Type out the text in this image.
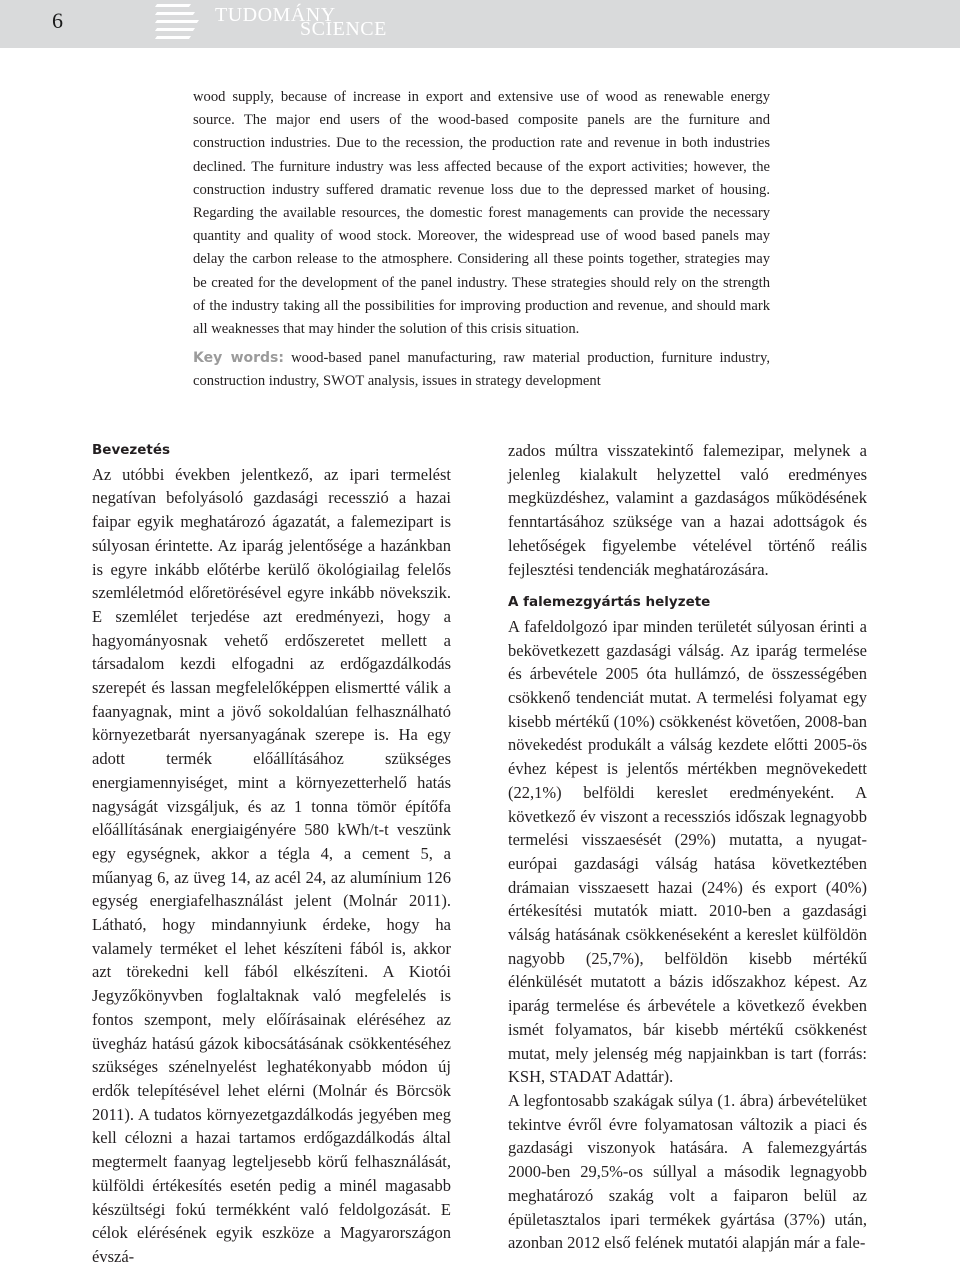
6	TUDOMÁNY
SCIENCE

wood supply, because of increase in export and extensive use of wood as renewable energy source. The major end users of the wood-based composite panels are the furniture and construction industries. Due to the recession, the production rate and revenue in both industries declined. The furniture industry was less affected because of the export activities; however, the construction industry suffered dramatic revenue loss due to the depressed market of housing. Regarding the available resources, the domestic forest managements can provide the necessary quantity and quality of wood stock. Moreover, the widespread use of wood based panels may delay the carbon release to the atmosphere. Considering all these points together, strategies may be created for the development of the panel industry. These strategies should rely on the strength of the industry taking all the possibilities for improving production and revenue, and should mark all weaknesses that may hinder the solution of this crisis situation.

Key words: wood-based panel manufacturing, raw material production, furniture industry, construction industry, SWOT analysis, issues in strategy development

Bevezetés

Az utóbbi években jelentkező, az ipari termelést negatívan befolyásoló gazdasági recesszió a hazai faipar egyik meghatározó ágazatát, a falemezipart is súlyosan érintette. Az iparág jelentősége a hazánkban is egyre inkább előtérbe kerülő ökológiailag felelős szemléletmód előretörésével egyre inkább növekszik. E szemlélet terjedése azt eredményezi, hogy a hagyományosnak vehető erdőszeretet mellett a társadalom kezdi elfogadni az erdőgazdálkodás szerepét és lassan megfelelőképpen elismertté válik a faanyagnak, mint a jövő sokoldalúan felhasználható környezetbarát nyersanyagának szerepe is. Ha egy adott termék előállításához szükséges energiamennyiséget, mint a környezetterhelő hatás nagyságát vizsgáljuk, és az 1 tonna tömör építőfa előállításának energiaigényére 580 kWh/t-t veszünk egy egységnek, akkor a tégla 4, a cement 5, a műanyag 6, az üveg 14, az acél 24, az alumínium 126 egység energiafelhasználást jelent (Molnár 2011). Látható, hogy mindannyiunk érdeke, hogy ha valamely terméket el lehet készíteni fából is, akkor azt törekedni kell fából elkészíteni. A Kiotói Jegyzőkönyvben foglaltaknak való megfelelés is fontos szempont, mely előírásainak eléréséhez az üvegház hatású gázok kibocsátásának csökkentéséhez szükséges szénelnyelést leghatékonyabb módon új erdők telepítésével lehet elérni (Molnár és Börcsök 2011). A tudatos környezetgazdálkodás jegyében meg kell célozni a hazai tartamos erdőgazdálkodás által megtermelt faanyag legteljesebb körű felhasználását, külföldi értékesítés esetén pedig a minél magasabb készültségi fokú termékként való feldolgozását. E célok elérésének egyik eszköze a Magyarországon évszá-

zados múltra visszatekintő falemezipar, melynek a jelenleg kialakult helyzettel való eredményes megküzdéshez, valamint a gazdaságos működésének fenntartásához szüksége van a hazai adottságok és lehetőségek figyelembe vételével történő reális fejlesztési tendenciák meghatározására.

A falemezgyártás helyzete

A fafeldolgozó ipar minden területét súlyosan érinti a bekövetkezett gazdasági válság. Az iparág termelése és árbevétele 2005 óta hullámzó, de összességében csökkenő tendenciát mutat. A termelési folyamat egy kisebb mértékű (10%) csökkenést követően, 2008-ban növekedést produkált a válság kezdete előtti 2005-ös évhez képest is jelentős mértékben megnövekedett (22,1%) belföldi kereslet eredményeként. A következő év viszont a recessziós időszak legnagyobb termelési visszaesését (29%) mutatta, a nyugat-európai gazdasági válság hatása következtében drámaian visszaesett hazai (24%) és export (40%) értékesítési mutatók miatt. 2010-ben a gazdasági válság hatásának csökkenéseként a kereslet külföldön nagyobb (25,7%), belföldön kisebb mértékű élénkülését mutatott a bázis időszakhoz képest. Az iparág termelése és árbevétele a következő években ismét folyamatos, bár kisebb mértékű csökkenést mutat, mely jelenség még napjainkban is tart (forrás: KSH, STADAT Adattár).

A legfontosabb szakágak súlya (1. ábra) árbevételüket tekintve évről évre folyamatosan változik a piaci és gazdasági viszonyok hatására. A falemezgyártás 2000-ben 29,5%-os súllyal a második legnagyobb meghatározó szakág volt a faiparon belül az épületasztalos ipari termékek gyártása (37%) után, azonban 2012 első felének mutatói alapján már a fale-
